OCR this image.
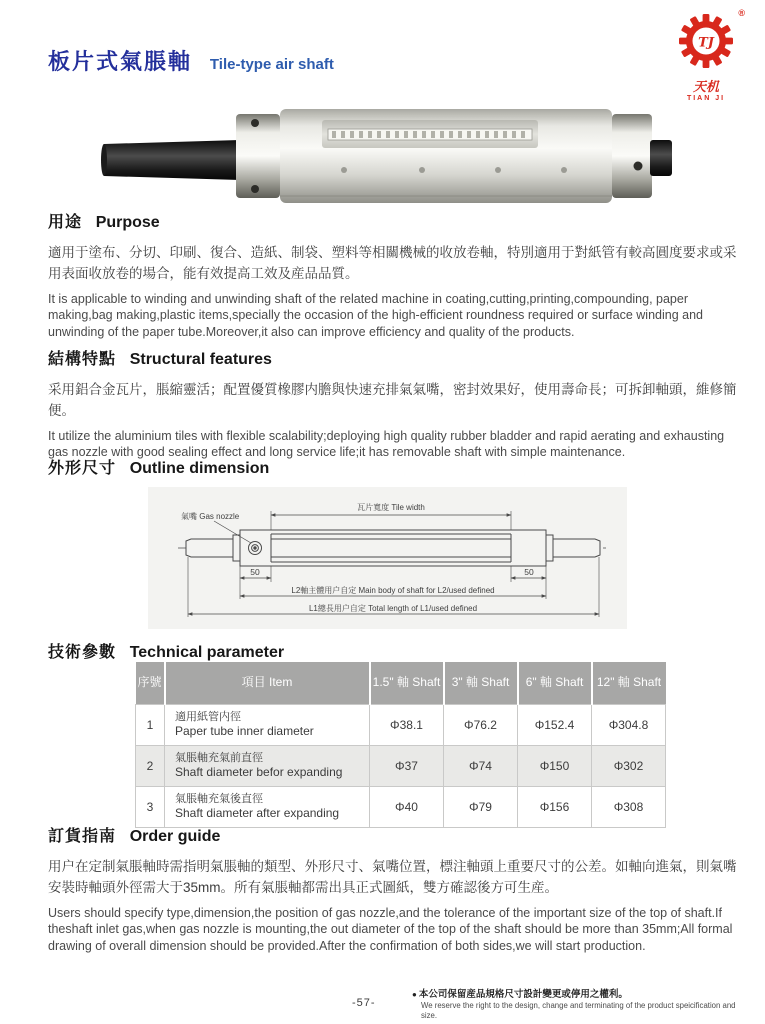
板片式氣脹軸 Tile-type air shaft
TJ
®
天机
TIAN JI
用途 Purpose

適用于塗布、分切、印刷、復合、造紙、制袋、塑料等相關機械的收放卷軸，特別適用于對紙管有較高圓度要求或采用表面收放卷的場合，能有效提高工效及産品品質。

It is applicable to winding and unwinding shaft of the related machine in coating,cutting,printing,compounding, paper making,bag making,plastic items,specially the occasion of the high-efficient roundness required or surface winding and unwinding of the paper tube.Moreover,it also can improve efficiency and quality of the products.

結構特點 Structural features

采用鋁合金瓦片，脹縮靈活；配置優質橡膠内膽與快速充排氣氣嘴，密封效果好，使用壽命長；可拆卸軸頭，維修簡便。

It utilize the aluminium tiles with flexible scalability;deploying high quality rubber bladder and rapid aerating and exhausting gas nozzle with good sealing effect and long service life;it has removable shaft with simple maintenance.

外形尺寸 Outline dimension
氣嘴 Gas nozzle
瓦片寬度 Tile width
50	50
L2軸主體用户自定 Main body of shaft for L2/used defined
L1總長用户自定 Total length of L1/used defined
技術參數 Technical parameter
序號	項目 Item	1.5" 軸 Shaft	3" 軸 Shaft	6" 軸 Shaft	12" 軸 Shaft
1	適用紙管内徑
Paper tube inner diameter	Φ38.1	Φ76.2	Φ152.4	Φ304.8
2	氣脹軸充氣前直徑
Shaft diameter befor expanding	Φ37	Φ74	Φ150	Φ302
3	氣脹軸充氣後直徑
Shaft diameter after expanding	Φ40	Φ79	Φ156	Φ308
訂貨指南 Order guide

用户在定制氣脹軸時需指明氣脹軸的類型、外形尺寸、氣嘴位置，標注軸頭上重要尺寸的公差。如軸向進氣，則氣嘴安裝時軸頭外徑需大于35mm。所有氣脹軸都需出具正式圖紙，雙方確認後方可生産。

Users should specify type,dimension,the position of gas nozzle,and the tolerance of the important size of the top of shaft.If theshaft inlet gas,when gas nozzle is mounting,the out diameter of the top of the shaft should be more than 35mm;All formal drawing of overall dimension should be provided.After the confirmation of both sides,we will start production.

-57-
● 本公司保留産品規格尺寸設計變更或停用之權利。
We reserve the right to the design, change and terminating of the product speicification and size.
